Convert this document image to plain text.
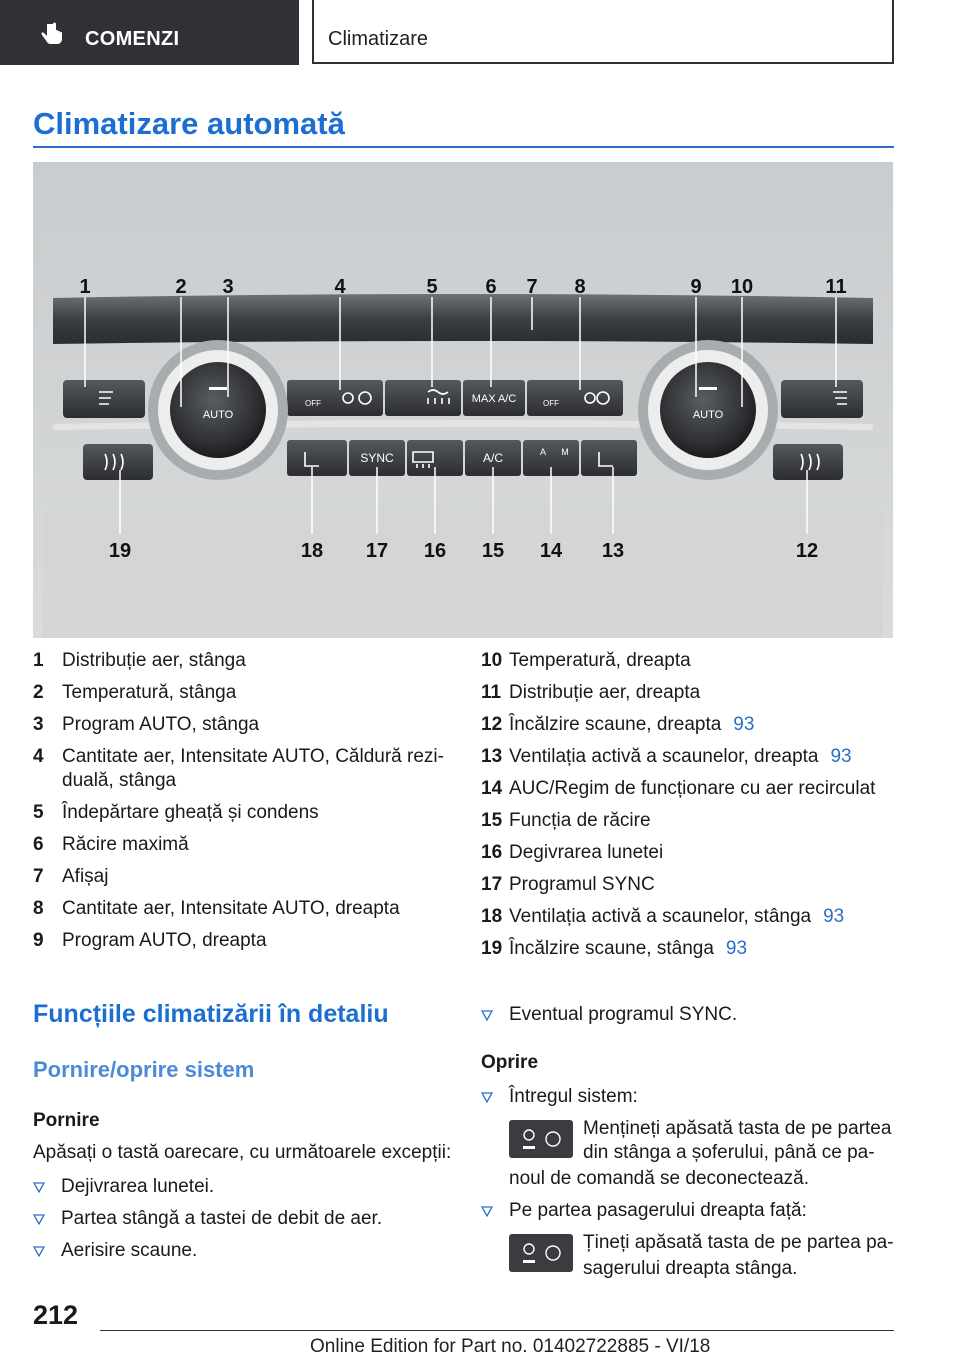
COMENZI	Climatizare
Climatizare automată
AUTO	AUTO
OFF	OFF
MAX A/C
SYNC	A/C	A M
1	2 3	4	5 6 7 8	9 10	11
19	18 17 16 15 14 13	12
1 Distribuție aer, stânga
2 Temperatură, stânga
3 Program AUTO, stânga
4 Cantitate aer, Intensitate AUTO, Căldură rezi-
duală, stânga
5 Îndepărtare gheață și condens
6 Răcire maximă
7 Afișaj
8 Cantitate aer, Intensitate AUTO, dreapta
9 Program AUTO, dreapta
10 Temperatură, dreapta
11 Distribuție aer, dreapta
12 Încălzire scaune, dreapta 93
13 Ventilația activă a scaunelor, dreapta 93
14 AUC/Regim de funcționare cu aer recirculat
15 Funcția de răcire
16 Degivrarea lunetei
17 Programul SYNC
18 Ventilația activă a scaunelor, stânga 93
19 Încălzire scaune, stânga 93
Funcțiile climatizării în detaliu
Pornire/oprire sistem
Pornire
Apăsați o tastă oarecare, cu următoarele excepții:
Dejivrarea lunetei.
Partea stângă a tastei de debit de aer.
Aerisire scaune.
Eventual programul SYNC.
Oprire
Întregul sistem:
Mențineți apăsată tasta de pe partea
din stânga a șoferului, până ce pa-
noul de comandă se deconectează.
Pe partea pasagerului dreapta față:
Țineți apăsată tasta de pe partea pa-
sagerului dreapta stânga.
212
Online Edition for Part no. 01402722885 - VI/18
